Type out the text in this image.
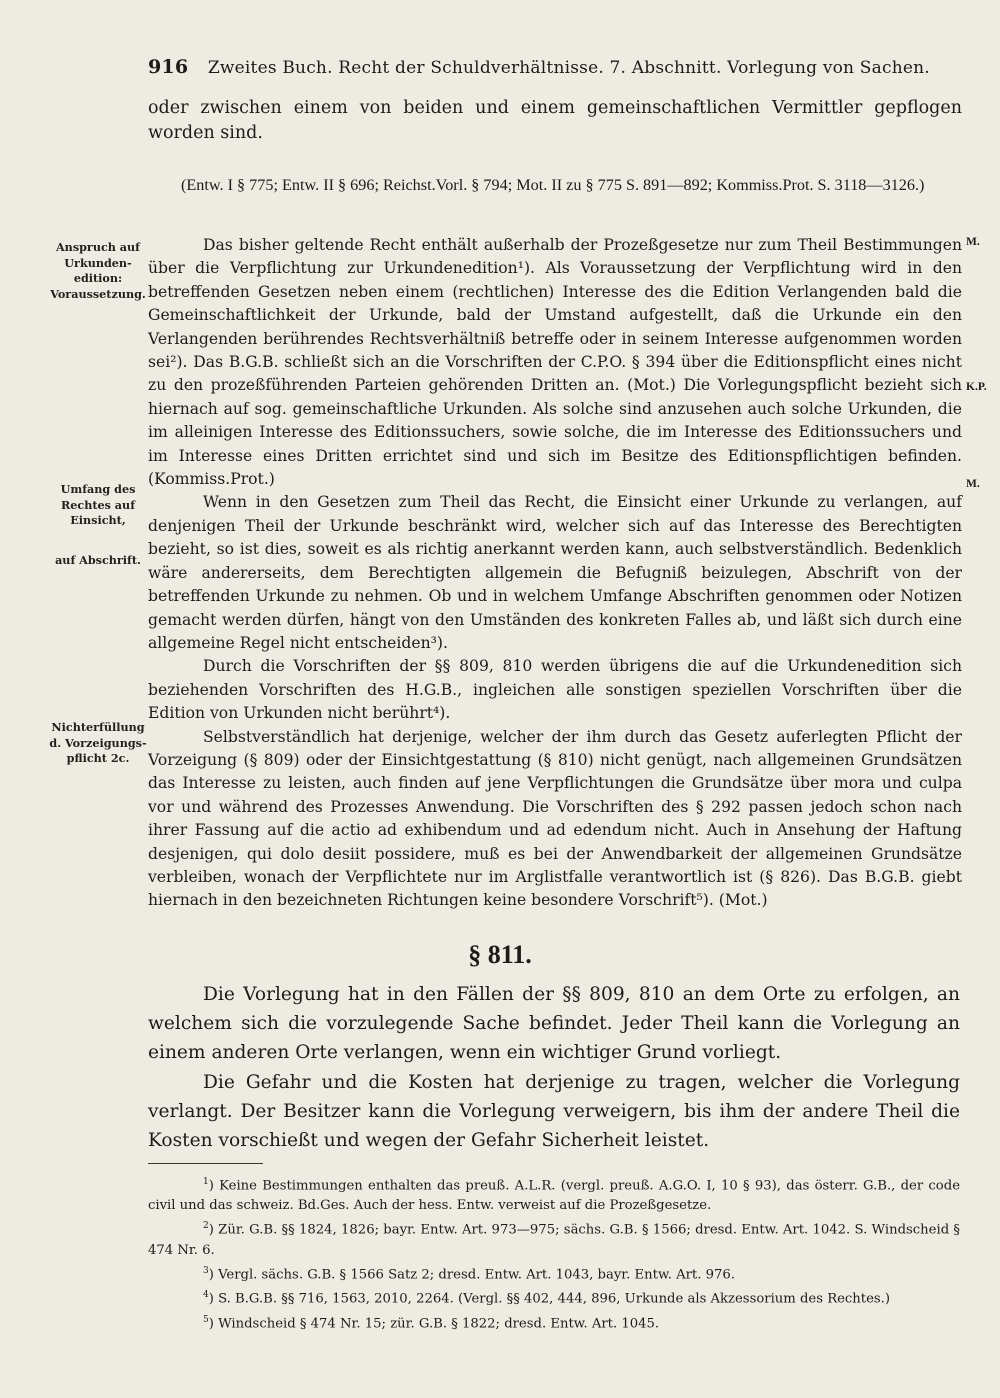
916 Zweites Buch. Recht der Schuldverhältnisse. 7. Abschnitt. Vorlegung von Sachen.

oder zwischen einem von beiden und einem gemeinschaftlichen Vermittler gepflogen worden sind.

(Entw. I § 775; Entw. II § 696; Reichst.Vorl. § 794; Mot. II zu § 775 S. 891—892; Kommiss.Prot. S. 3118—3126.)

Anspruch auf Urkunden-edition: Voraussetzung.
Umfang des Rechtes auf Einsicht,
auf Abschrift.
Nichterfüllung d. Vorzeigungs-pflicht 2c.
M.
K.P.
M.

Das bisher geltende Recht enthält außerhalb der Prozeßgesetze nur zum Theil Bestimmungen über die Verpflichtung zur Urkundenedition¹). Als Voraussetzung der Verpflichtung wird in den betreffenden Gesetzen neben einem (rechtlichen) Interesse des die Edition Verlangenden bald die Gemeinschaftlichkeit der Urkunde, bald der Umstand aufgestellt, daß die Urkunde ein den Verlangenden berührendes Rechtsverhältniß betreffe oder in seinem Interesse aufgenommen worden sei²). Das B.G.B. schließt sich an die Vorschriften der C.P.O. § 394 über die Editionspflicht eines nicht zu den prozeßführenden Parteien gehörenden Dritten an. (Mot.) Die Vorlegungspflicht bezieht sich hiernach auf sog. gemeinschaftliche Urkunden. Als solche sind anzusehen auch solche Urkunden, die im alleinigen Interesse des Editionssuchers, sowie solche, die im Interesse des Editionssuchers und im Interesse eines Dritten errichtet sind und sich im Besitze des Editionspflichtigen befinden. (Kommiss.Prot.)

Wenn in den Gesetzen zum Theil das Recht, die Einsicht einer Urkunde zu verlangen, auf denjenigen Theil der Urkunde beschränkt wird, welcher sich auf das Interesse des Berechtigten bezieht, so ist dies, soweit es als richtig anerkannt werden kann, auch selbstverständlich. Bedenklich wäre andererseits, dem Berechtigten allgemein die Befugniß beizulegen, Abschrift von der betreffenden Urkunde zu nehmen. Ob und in welchem Umfange Abschriften genommen oder Notizen gemacht werden dürfen, hängt von den Umständen des konkreten Falles ab, und läßt sich durch eine allgemeine Regel nicht entscheiden³).

Durch die Vorschriften der §§ 809, 810 werden übrigens die auf die Urkundenedition sich beziehenden Vorschriften des H.G.B., ingleichen alle sonstigen speziellen Vorschriften über die Edition von Urkunden nicht berührt⁴).

Selbstverständlich hat derjenige, welcher der ihm durch das Gesetz auferlegten Pflicht der Vorzeigung (§ 809) oder der Einsichtgestattung (§ 810) nicht genügt, nach allgemeinen Grundsätzen das Interesse zu leisten, auch finden auf jene Verpflichtungen die Grundsätze über mora und culpa vor und während des Prozesses Anwendung. Die Vorschriften des § 292 passen jedoch schon nach ihrer Fassung auf die actio ad exhibendum und ad edendum nicht. Auch in Ansehung der Haftung desjenigen, qui dolo desiit possidere, muß es bei der Anwendbarkeit der allgemeinen Grundsätze verbleiben, wonach der Verpflichtete nur im Arglistfalle verantwortlich ist (§ 826). Das B.G.B. giebt hiernach in den bezeichneten Richtungen keine besondere Vorschrift⁵). (Mot.)

§ 811.

Die Vorlegung hat in den Fällen der §§ 809, 810 an dem Orte zu erfolgen, an welchem sich die vorzulegende Sache befindet. Jeder Theil kann die Vorlegung an einem anderen Orte verlangen, wenn ein wichtiger Grund vorliegt.

Die Gefahr und die Kosten hat derjenige zu tragen, welcher die Vorlegung verlangt. Der Besitzer kann die Vorlegung verweigern, bis ihm der andere Theil die Kosten vorschießt und wegen der Gefahr Sicherheit leistet.

$^1$) Keine Bestimmungen enthalten das preuß. A.L.R. (vergl. preuß. A.G.O. I, 10 § 93), das österr. G.B., der code civil und das schweiz. Bd.Ges. Auch der hess. Entw. verweist auf die Prozeßgesetze.

$^2$) Zür. G.B. §§ 1824, 1826; bayr. Entw. Art. 973—975; sächs. G.B. § 1566; dresd. Entw. Art. 1042. S. Windscheid § 474 Nr. 6.

$^3$) Vergl. sächs. G.B. § 1566 Satz 2; dresd. Entw. Art. 1043, bayr. Entw. Art. 976.

$^4$) S. B.G.B. §§ 716, 1563, 2010, 2264. (Vergl. §§ 402, 444, 896, Urkunde als Akzessorium des Rechtes.)

$^5$) Windscheid § 474 Nr. 15; zür. G.B. § 1822; dresd. Entw. Art. 1045.
